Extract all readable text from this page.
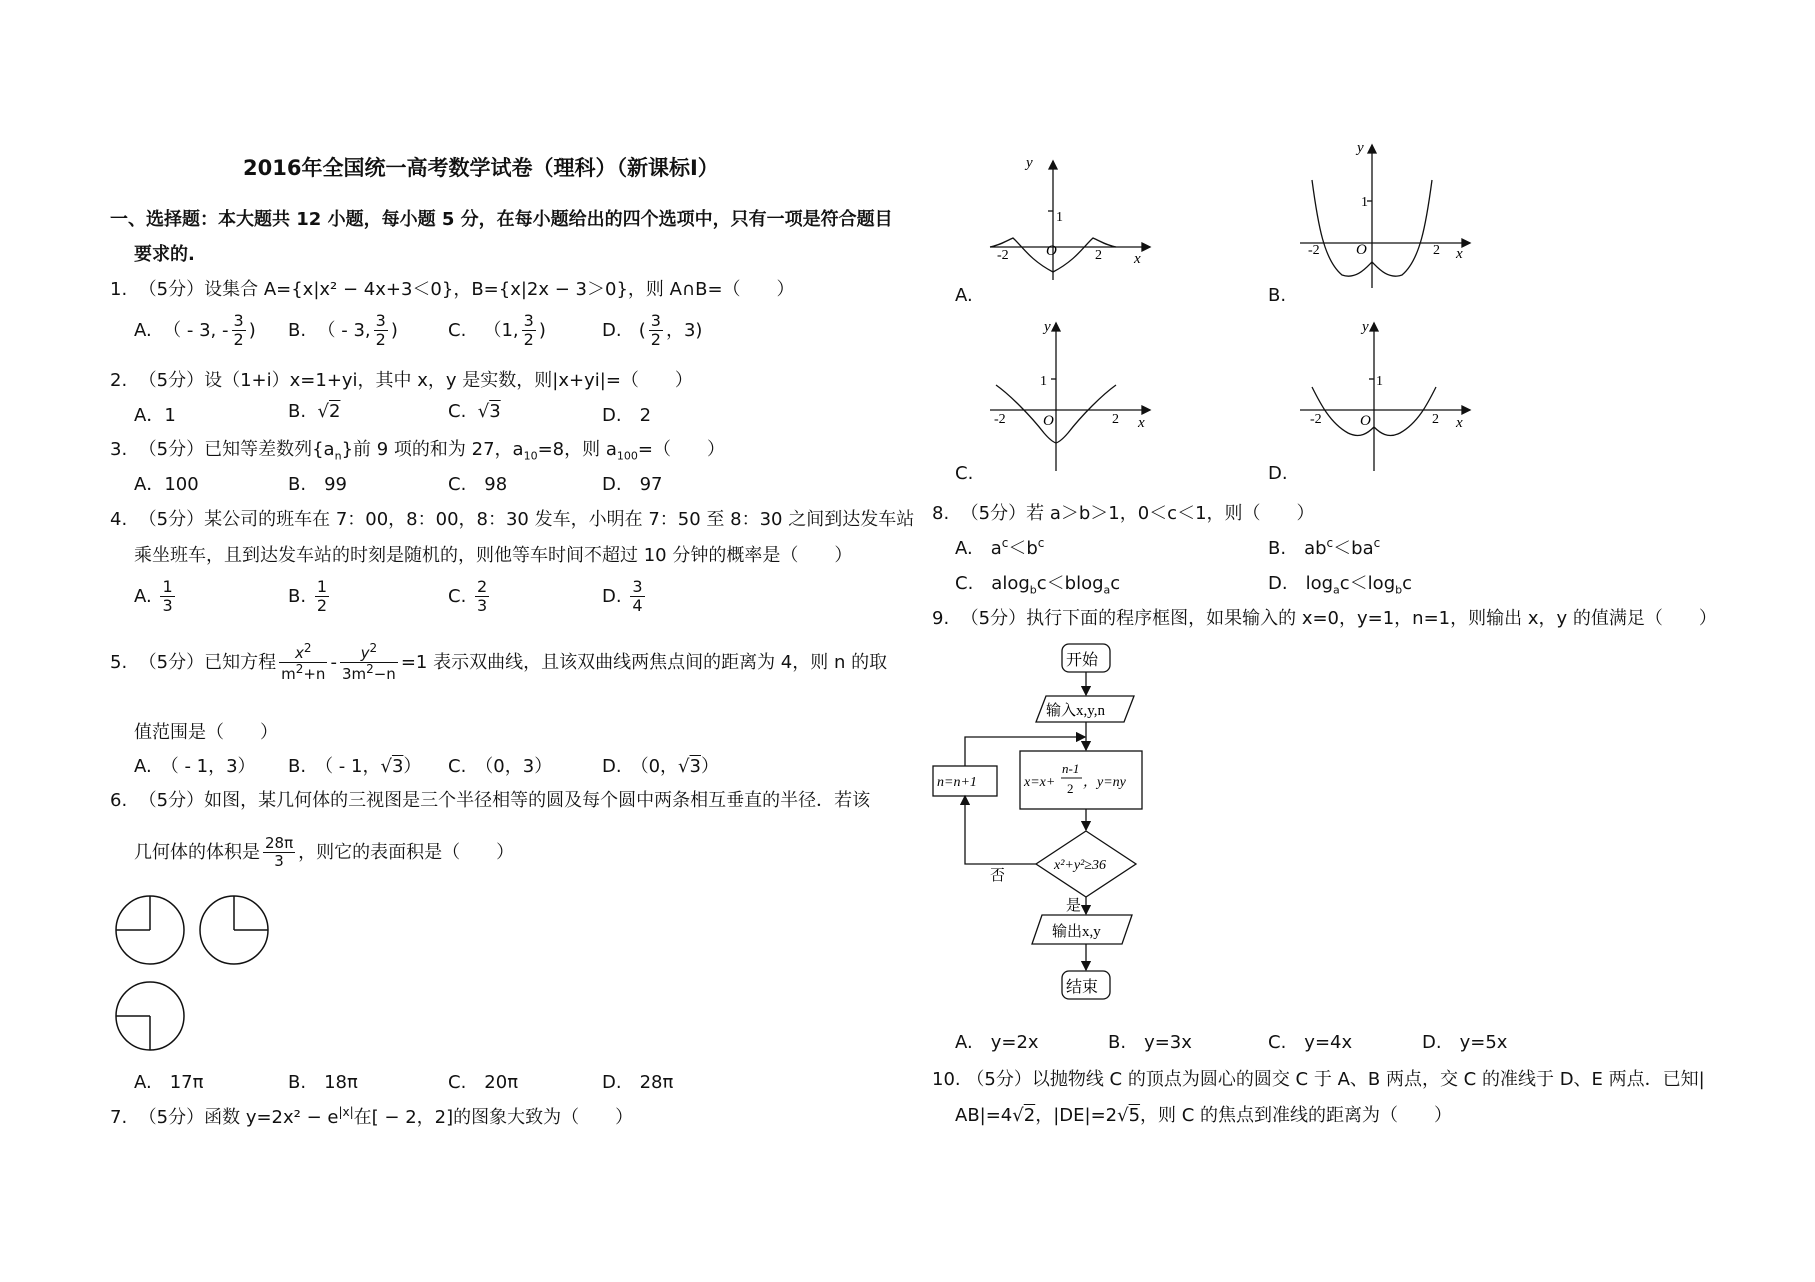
2016年全国统一高考数学试卷（理科）（新课标Ⅰ）
一、选择题：本大题共 12 小题，每小题 5 分，在每小题给出的四个选项中，只有一项是符合题目
要求的.
1. （5分）设集合 A={x|x² − 4x+3＜0}，B={x|2x − 3＞0}，则 A∩B=（　　）
A. （ - 3, - $\frac{3}{2}$ ) B. （ - 3, $\frac{3}{2}$ )	C. （1, $\frac{3}{2}$ )	D. ( $\frac{3}{2}$ ，3)
2. （5分）设（1+i）x=1+yi，其中 x，y 是实数，则|x+yi|=（　　）
A．1	B.  √2	C.  √3	D.　2
3. （5分）已知等差数列$\{a_n\}$前 9 项的和为 27，$a_{10}=8$，则 $a_{100}=$（　　）
A．100	B.　99	C.　98	D.　97
4. （5分）某公司的班车在 7：00，8：00，8：30 发车，小明在 7：50 至 8：30 之间到达发车站
乘坐班车，且到达发车站的时刻是随机的，则他等车时间不超过 10 分钟的概率是（　　）
A. $\frac{1}{3}$	B. $\frac{1}{2}$	C. $\frac{2}{3}$	D. $\frac{3}{4}$
5. （5分）已知方程 $\frac{x^2}{m^2+n} - \frac{y^2}{3m^2-n} =1$ 表示双曲线，且该双曲线两焦点间的距离为 4，则 n 的取
值范围是（　　）
A.　（ - 1，3） B.　（ - 1，√3） C.　（0，3）	D.　（0，√3）
6. （5分）如图，某几何体的三视图是三个半径相等的圆及每个圆中两条相互垂直的半径．若该
几何体的体积是 $\frac{28\pi}{3}$ ，则它的表面积是（　　）
A.　17π	B.　18π	C.　20π	D.　28π
7. （5分）函数 $y=2x^2 - e^{|x|}$在[ − 2，2]的图象大致为（　　）
y
1
O
-2	2 x
A.
y
1
O
-2	2 x
B.
y
1
O
-2	2 x
C.
y
1
O
-2	2 x
D.
8. （5分）若 a＞b＞1，0＜c＜1，则（　　）
A.　$a^c<b^c$	B.　$ab^c<ba^c$
C.　alog$_b$c＜blog$_a$c	D.　$\log_ac<\log_bc$
9. （5分）执行下面的程序框图，如果输入的 x=0，y=1，n=1，则输出 x，y 的值满足（　　）
开始
输入x,y,n
x=x+
n-1
2 ，y=ny
x²+y²≥36
n=n+1
否
是
输出x,y
结束
A.　y=2x	B.　y=3x	C.　y=4x	D.　y=5x
10. （5分）以抛物线 C 的顶点为圆心的圆交 C 于 A、B 两点，交 C 的准线于 D、E 两点．已知|
AB|=4√2，|DE|=2√5，则 C 的焦点到准线的距离为（　　）
